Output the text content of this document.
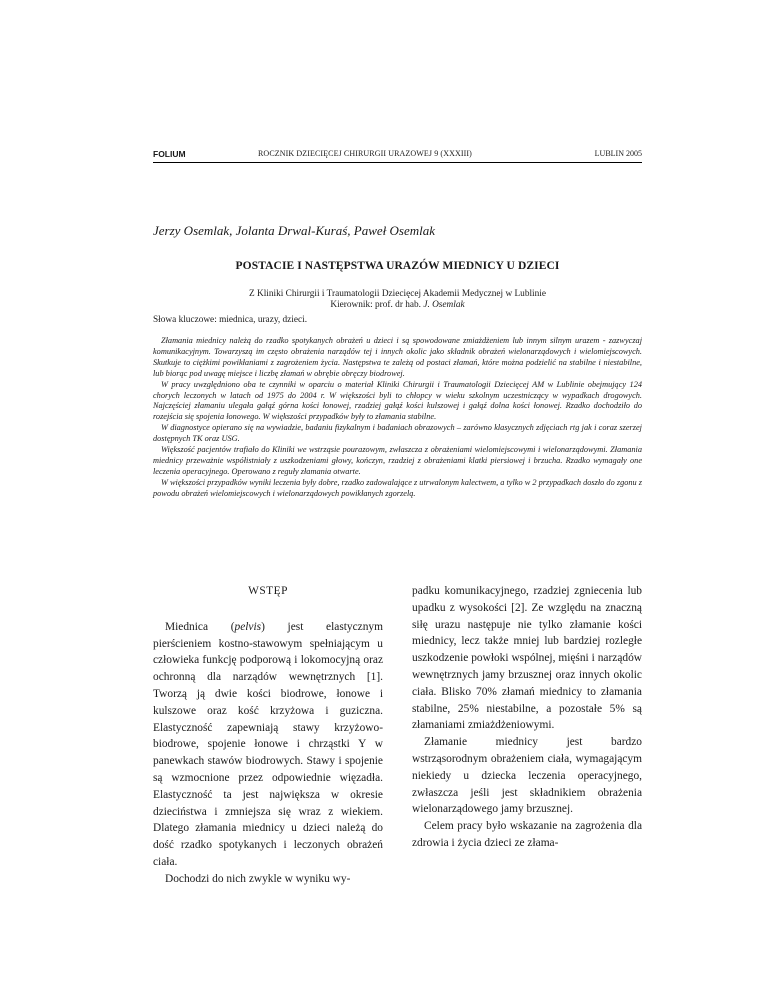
FOLIUM	ROCZNIK DZIECIĘCEJ CHIRURGII URAZOWEJ 9 (XXXIII)	LUBLIN 2005
Jerzy Osemlak, Jolanta Drwal-Kuraś, Paweł Osemlak
POSTACIE I NASTĘPSTWA URAZÓW MIEDNICY U DZIECI
Z Kliniki Chirurgii i Traumatologii Dziecięcej Akademii Medycznej w Lublinie
Kierownik: prof. dr hab. J. Osemlak
Słowa kluczowe: miednica, urazy, dzieci.

Złamania miednicy należą do rzadko spotykanych obrażeń u dzieci i są spowodowane zmiażdżeniem lub innym silnym urazem - zazwyczaj komunikacyjnym. Towarzyszą im często obrażenia narządów tej i innych okolic jako składnik obrażeń wielonarządowych i wielomiejscowych. Skutkuje to ciężkimi powikłaniami z zagrożeniem życia. Następstwa te zależą od postaci złamań, które można podzielić na stabilne i niestabilne, lub biorąc pod uwagę miejsce i liczbę złamań w obrębie obręczy biodrowej.

W pracy uwzględniono oba te czynniki w oparciu o materiał Kliniki Chirurgii i Traumatologii Dziecięcej AM w Lublinie obejmujący 124 chorych leczonych w latach od 1975 do 2004 r. W większości byli to chłopcy w wieku szkolnym uczestniczący w wypadkach drogowych. Najczęściej złamaniu ulegała gałąź górna kości łonowej, rzadziej gałąź kości kulszowej i gałąź dolna kości łonowej. Rzadko dochodziło do rozejścia się spojenia łonowego. W większości przypadków były to złamania stabilne.

W diagnostyce opierano się na wywiadzie, badaniu fizykalnym i badaniach obrazowych – zarówno klasycznych zdjęciach rtg jak i coraz szerzej dostępnych TK oraz USG.

Większość pacjentów trafiało do Kliniki we wstrząsie pourazowym, zwłaszcza z obrażeniami wielomiejscowymi i wielonarządowymi. Złamania miednicy przeważnie współistniały z uszkodzeniami głowy, kończyn, rzadziej z obrażeniami klatki piersiowej i brzucha. Rzadko wymagały one leczenia operacyjnego. Operowano z reguły złamania otwarte.

W większości przypadków wyniki leczenia były dobre, rzadko zadowalające z utrwalonym kalectwem, a tylko w 2 przypadkach doszło do zgonu z powodu obrażeń wielomiejscowych i wielonarządowych powikłanych zgorzelą.

WSTĘP

Miednica (pelvis) jest elastycznym pierścieniem kostno-stawowym spełniającym u człowieka funkcję podporową i lokomocyjną oraz ochronną dla narządów wewnętrznych [1]. Tworzą ją dwie kości biodrowe, łonowe i kulszowe oraz kość krzyżowa i guziczna. Elastyczność zapewniają stawy krzyżowo-biodrowe, spojenie łonowe i chrząstki Y w panewkach stawów biodrowych. Stawy i spojenie są wzmocnione przez odpowiednie więzadła. Elastyczność ta jest największa w okresie dzieciństwa i zmniejsza się wraz z wiekiem. Dlatego złamania miednicy u dzieci należą do dość rzadko spotykanych i leczonych obrażeń ciała.

Dochodzi do nich zwykle w wyniku wy-

padku komunikacyjnego, rzadziej zgniecenia lub upadku z wysokości [2]. Ze względu na znaczną siłę urazu następuje nie tylko złamanie kości miednicy, lecz także mniej lub bardziej rozległe uszkodzenie powłoki wspólnej, mięśni i narządów wewnętrznych jamy brzusznej oraz innych okolic ciała. Blisko 70% złamań miednicy to złamania stabilne, 25% niestabilne, a pozostałe 5% są złamaniami zmiażdżeniowymi.

Złamanie miednicy jest bardzo wstrząsorodnym obrażeniem ciała, wymagającym niekiedy u dziecka leczenia operacyjnego, zwłaszcza jeśli jest składnikiem obrażenia wielonarządowego jamy brzusznej.

Celem pracy było wskazanie na zagrożenia dla zdrowia i życia dzieci ze złama-
